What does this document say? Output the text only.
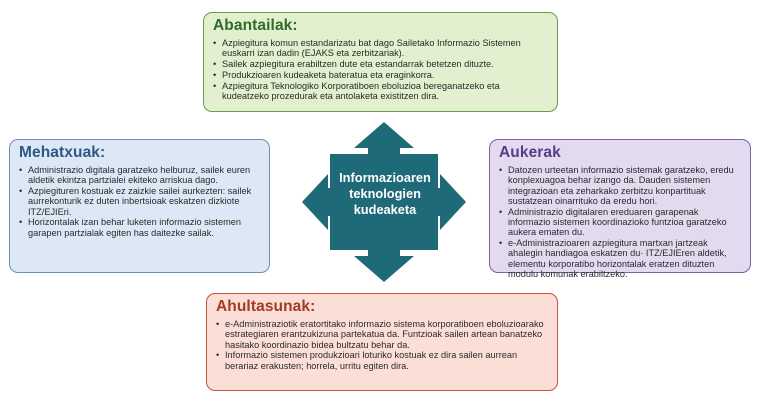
Abantailak:
• Azpiegitura komun estandarizatu bat dago Sailetako Informazio Sistemen euskarri izan dadin (EJAKS eta zerbitzariak).
• Sailek azpiegitura erabiltzen dute eta estandarrak betetzen dituzte.
• Produkzioaren kudeaketa bateratua eta eraginkorra.
• Azpiegitura Teknologiko Korporatiboen eboluzioa bereganatzeko eta kudeatzeko prozedurak eta antolaketa existitzen dira.
Mehatxuak:
• Administrazio digitala garatzeko helburuz, sailek euren aldetik ekintza partzialei ekiteko arriskua dago.
• Azpiegituren kostuak ez zaizkie sailei aurkezten: sailek aurrekonturik ez duten inbertsioak eskatzen dizkiote ITZ/EJIEri.
• Horizontalak izan behar luketen informazio sistemen garapen partzialak egiten has daitezke sailak.
Aukerak
• Datozen urteetan informazio sistemak garatzeko, eredu konplexuagoa behar izango da. Dauden sistemen integrazioan eta zeharkako zerbitzu konpartituak sustatzean oinarrituko da eredu hori.
• Administrazio digitalaren ereduaren garapenak informazio sistemen koordinazioko funtzioa garatzeko aukera ematen du.
• e-Administrazioaren azpiegitura martxan jartzeak ahalegin handiagoa eskatzen du· ITZ/EJIEren aldetik, elementu korporatibo horizontalak eratzen dituzten modulu komunak erabiltzeko.
Ahultasunak:
• e-Administraziotik eratortitako informazio sistema korporatiboen eboluzioarako estrategiaren erantzukizuna partekatua da. Funtzioak sailen artean banatzeko hasitako koordinazio bidea bultzatu behar da.
• Informazio sistemen produkzioari loturiko kostuak ez dira sailen aurrean berariaz erakusten; horrela, urritu egiten dira.
Informazioaren
teknologien
kudeaketa
